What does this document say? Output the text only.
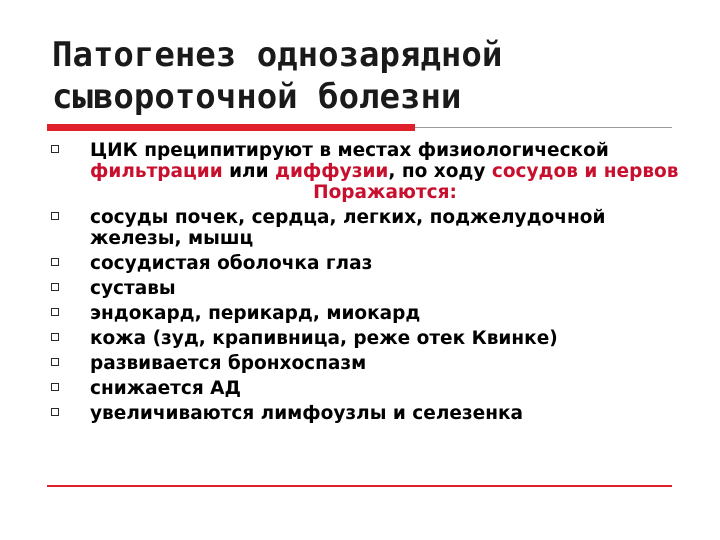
Патогенез однозарядной
сывороточной болезни
ЦИК преципитируют в местах физиологической фильтрации или диффузии, по ходу сосудов и нервов
Поражаются:
сосуды почек, сердца, легких, поджелудочной железы, мышц
сосудистая оболочка глаз
суставы
эндокард, перикард, миокард
кожа (зуд, крапивница, реже отек Квинке)
развивается бронхоспазм
снижается АД
увеличиваются лимфоузлы и селезенка
